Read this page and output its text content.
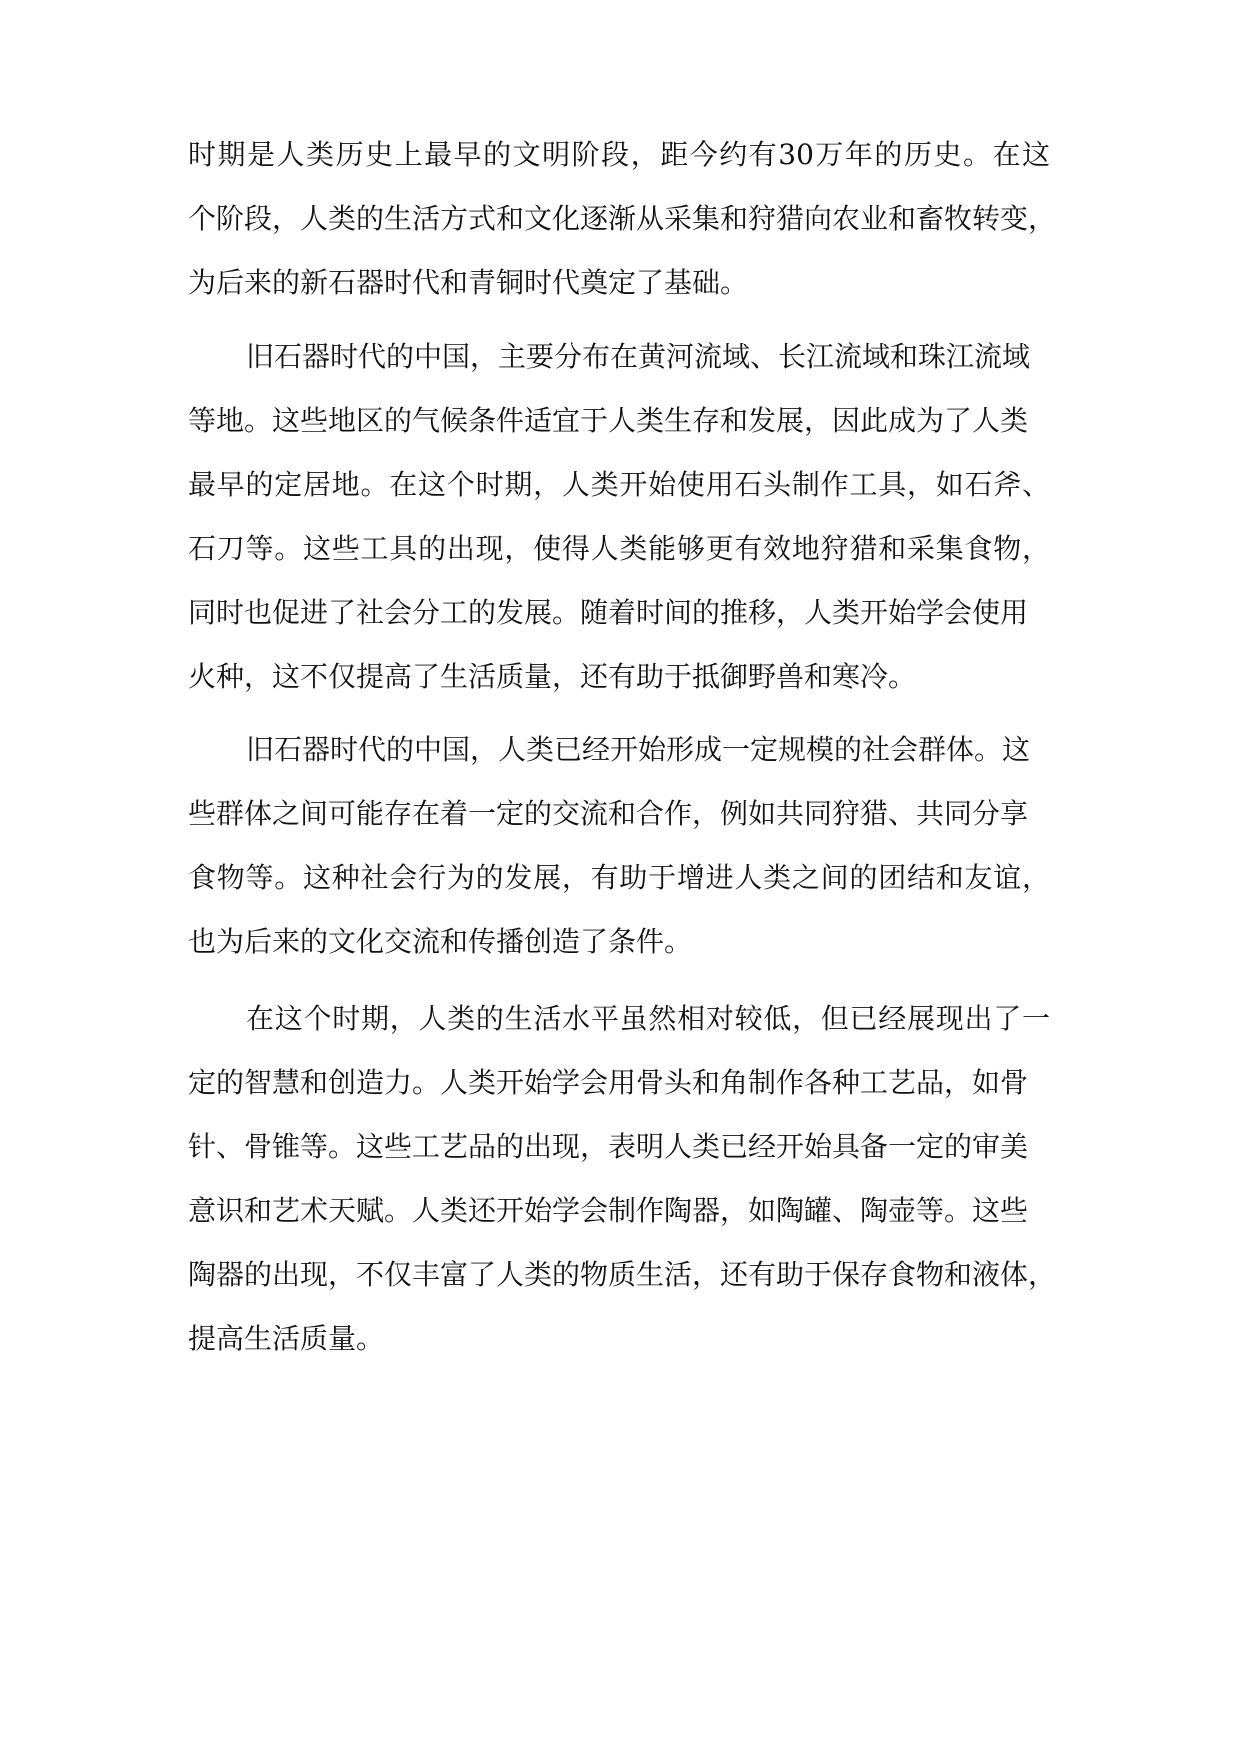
时期是人类历史上最早的文明阶段，距今约有30万年的历史。在这
个阶段，人类的生活方式和文化逐渐从采集和狩猎向农业和畜牧转变，
为后来的新石器时代和青铜时代奠定了基础。
旧石器时代的中国，主要分布在黄河流域、长江流域和珠江流域
等地。这些地区的气候条件适宜于人类生存和发展，因此成为了人类
最早的定居地。在这个时期，人类开始使用石头制作工具，如石斧、
石刀等。这些工具的出现，使得人类能够更有效地狩猎和采集食物，
同时也促进了社会分工的发展。随着时间的推移，人类开始学会使用
火种，这不仅提高了生活质量，还有助于抵御野兽和寒冷。
旧石器时代的中国，人类已经开始形成一定规模的社会群体。这
些群体之间可能存在着一定的交流和合作，例如共同狩猎、共同分享
食物等。这种社会行为的发展，有助于增进人类之间的团结和友谊，
也为后来的文化交流和传播创造了条件。
在这个时期，人类的生活水平虽然相对较低，但已经展现出了一
定的智慧和创造力。人类开始学会用骨头和角制作各种工艺品，如骨
针、骨锥等。这些工艺品的出现，表明人类已经开始具备一定的审美
意识和艺术天赋。人类还开始学会制作陶器，如陶罐、陶壶等。这些
陶器的出现，不仅丰富了人类的物质生活，还有助于保存食物和液体，
提高生活质量。
